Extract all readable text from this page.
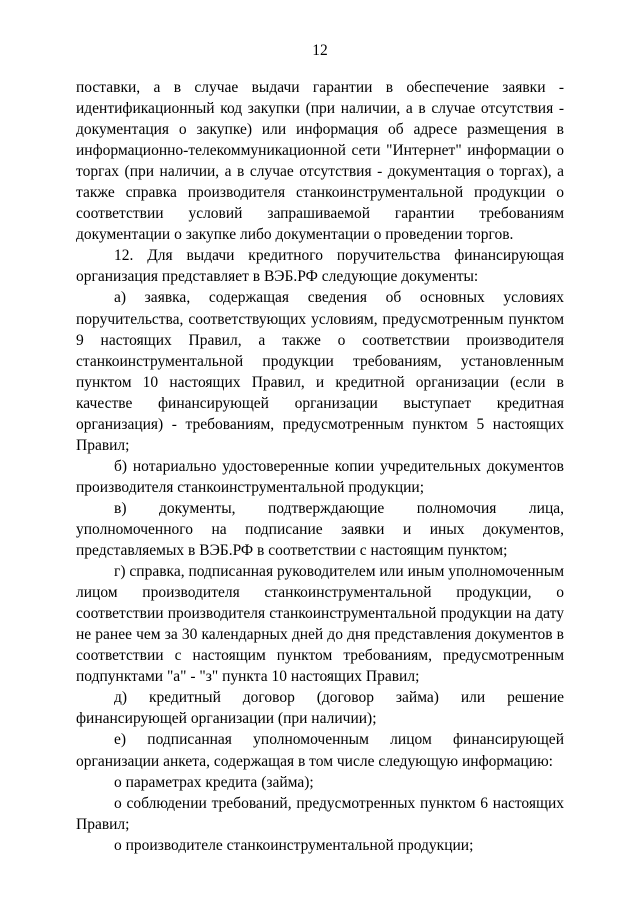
12

поставки, а в случае выдачи гарантии в обеспечение заявки - идентификационный код закупки (при наличии, а в случае отсутствия - документация о закупке) или информация об адресе размещения в информационно-телекоммуникационной сети "Интернет" информации о торгах (при наличии, а в случае отсутствия - документация о торгах), а также справка производителя станкоинструментальной продукции о соответствии условий запрашиваемой гарантии требованиям документации о закупке либо документации о проведении торгов.

12. Для выдачи кредитного поручительства финансирующая организация представляет в ВЭБ.РФ следующие документы:

а) заявка, содержащая сведения об основных условиях поручительства, соответствующих условиям, предусмотренным пунктом 9 настоящих Правил, а также о соответствии производителя станкоинструментальной продукции требованиям, установленным пунктом 10 настоящих Правил, и кредитной организации (если в качестве финансирующей организации выступает кредитная организация) - требованиям, предусмотренным пунктом 5 настоящих Правил;

б) нотариально удостоверенные копии учредительных документов производителя станкоинструментальной продукции;

в) документы, подтверждающие полномочия лица, уполномоченного на подписание заявки и иных документов, представляемых в ВЭБ.РФ в соответствии с настоящим пунктом;

г) справка, подписанная руководителем или иным уполномоченным лицом производителя станкоинструментальной продукции, о соответствии производителя станкоинструментальной продукции на дату не ранее чем за 30 календарных дней до дня представления документов в соответствии с настоящим пунктом требованиям, предусмотренным подпунктами "а" - "з" пункта 10 настоящих Правил;

д) кредитный договор (договор займа) или решение финансирующей организации (при наличии);

е) подписанная уполномоченным лицом финансирующей организации анкета, содержащая в том числе следующую информацию:

о параметрах кредита (займа);

о соблюдении требований, предусмотренных пунктом 6 настоящих Правил;

о производителе станкоинструментальной продукции;
